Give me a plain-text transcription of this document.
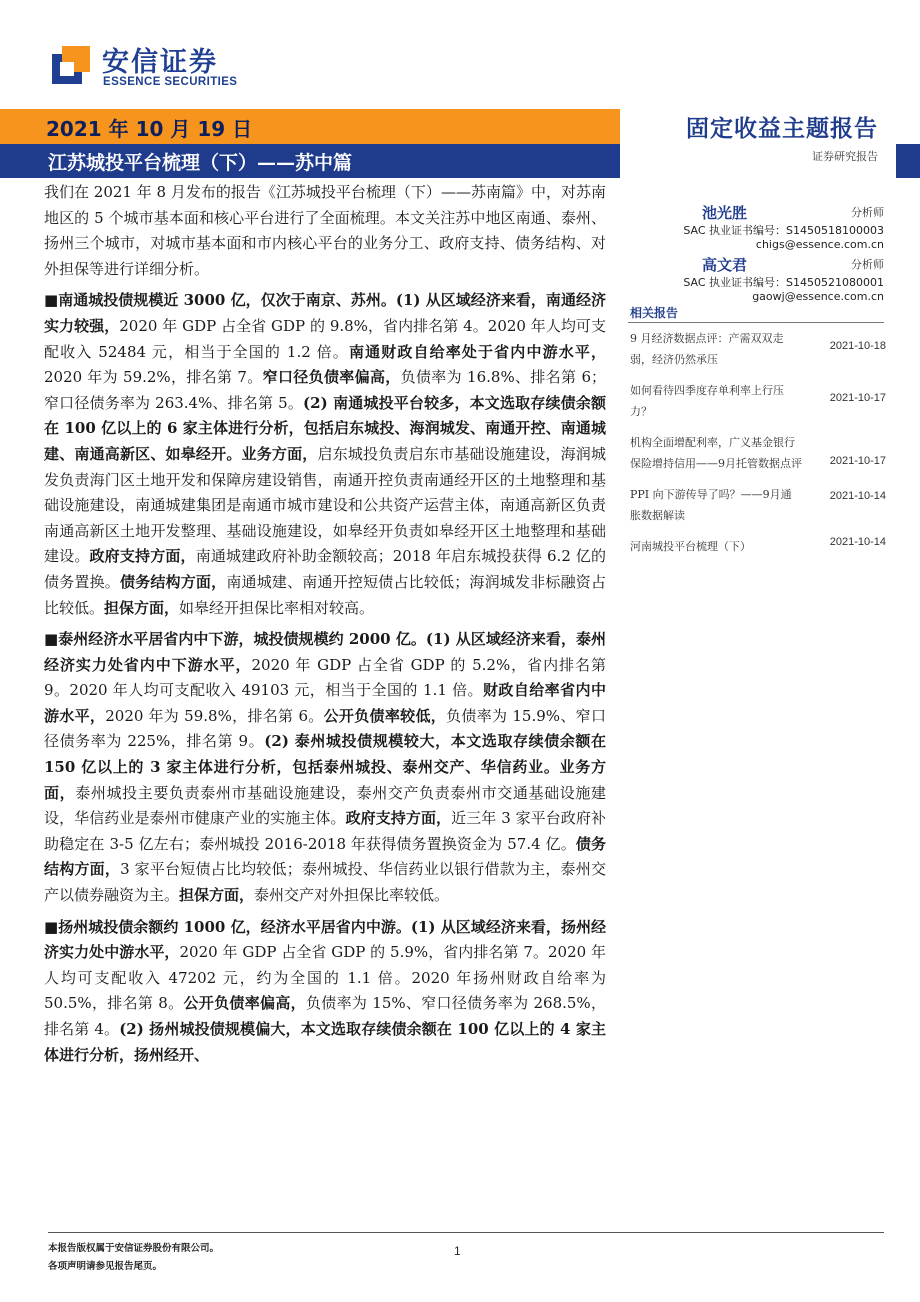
安信证券
ESSENCE SECURITIES
2021 年 10 月 19 日
江苏城投平台梳理（下）——苏中篇
固定收益主题报告
证券研究报告
池光胜	分析师
SAC 执业证书编号：S1450518100003
chigs@essence.com.cn
高文君	分析师
SAC 执业证书编号：S1450521080001
gaowj@essence.com.cn
相关报告
9 月经济数据点评：产需双双走弱，经济仍然承压
2021-10-18
如何看待四季度存单利率上行压力？
2021-10-17
机构全面增配利率，广义基金银行保险增持信用——9月托管数据点评	2021-10-17
PPI 向下游传导了吗？——9月通胀数据解读
2021-10-14
河南城投平台梳理（下）	2021-10-14

我们在 2021 年 8 月发布的报告《江苏城投平台梳理（下）——苏南篇》中，对苏南地区的 5 个城市基本面和核心平台进行了全面梳理。本文关注苏中地区南通、泰州、扬州三个城市，对城市基本面和市内核心平台的业务分工、政府支持、债务结构、对外担保等进行详细分析。

■南通城投债规模近 3000 亿，仅次于南京、苏州。(1) 从区域经济来看，南通经济实力较强，2020 年 GDP 占全省 GDP 的 9.8%，省内排名第 4。2020 年人均可支配收入 52484 元，相当于全国的 1.2 倍。南通财政自给率处于省内中游水平，2020 年为 59.2%，排名第 7。窄口径负债率偏高，负债率为 16.8%、排名第 6；窄口径债务率为 263.4%、排名第 5。(2) 南通城投平台较多，本文选取存续债余额在 100 亿以上的 6 家主体进行分析，包括启东城投、海润城发、南通开控、南通城建、南通高新区、如皋经开。业务方面，启东城投负责启东市基础设施建设，海润城发负责海门区土地开发和保障房建设销售，南通开控负责南通经开区的土地整理和基础设施建设，南通城建集团是南通市城市建设和公共资产运营主体，南通高新区负责南通高新区土地开发整理、基础设施建设，如皋经开负责如皋经开区土地整理和基础建设。政府支持方面，南通城建政府补助金额较高；2018 年启东城投获得 6.2 亿的债务置换。债务结构方面，南通城建、南通开控短债占比较低；海润城发非标融资占比较低。担保方面，如皋经开担保比率相对较高。

■泰州经济水平居省内中下游，城投债规模约 2000 亿。(1) 从区域经济来看，泰州经济实力处省内中下游水平，2020 年 GDP 占全省 GDP 的 5.2%，省内排名第 9。2020 年人均可支配收入 49103 元，相当于全国的 1.1 倍。财政自给率省内中游水平，2020 年为 59.8%，排名第 6。公开负债率较低，负债率为 15.9%、窄口径债务率为 225%，排名第 9。(2) 泰州城投债规模较大，本文选取存续债余额在 150 亿以上的 3 家主体进行分析，包括泰州城投、泰州交产、华信药业。业务方面，泰州城投主要负责泰州市基础设施建设，泰州交产负责泰州市交通基础设施建设，华信药业是泰州市健康产业的实施主体。政府支持方面，近三年 3 家平台政府补助稳定在 3-5 亿左右；泰州城投 2016-2018 年获得债务置换资金为 57.4 亿。债务结构方面，3 家平台短债占比均较低；泰州城投、华信药业以银行借款为主，泰州交产以债券融资为主。担保方面，泰州交产对外担保比率较低。

■扬州城投债余额约 1000 亿，经济水平居省内中游。(1) 从区域经济来看，扬州经济实力处中游水平，2020 年 GDP 占全省 GDP 的 5.9%，省内排名第 7。2020 年人均可支配收入 47202 元，约为全国的 1.1 倍。2020 年扬州财政自给率为 50.5%，排名第 8。公开负债率偏高，负债率为 15%、窄口径债务率为 268.5%，排名第 4。(2) 扬州城投债规模偏大，本文选取存续债余额在 100 亿以上的 4 家主体进行分析，扬州经开、

本报告版权属于安信证券股份有限公司。
各项声明请参见报告尾页。
1
